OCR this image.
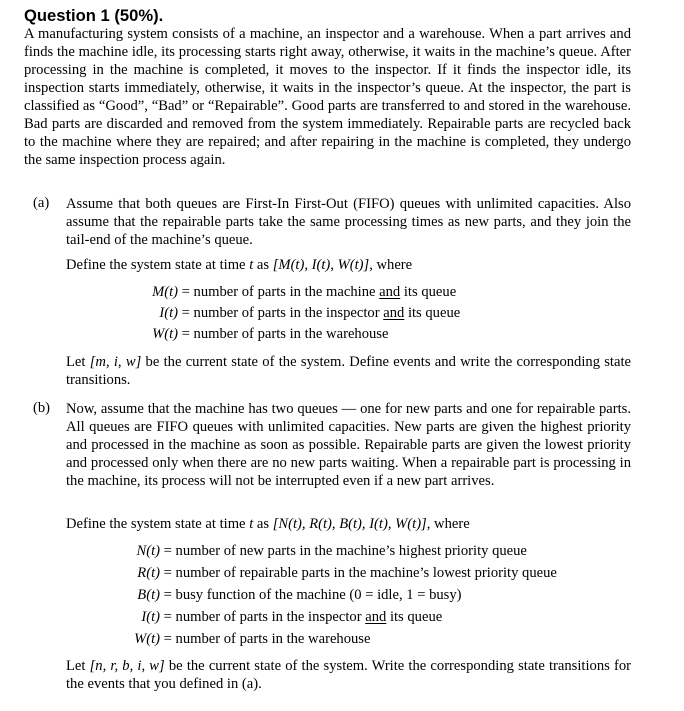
Question 1 (50%).

A manufacturing system consists of a machine, an inspector and a warehouse. When a part arrives and finds the machine idle, its processing starts right away, otherwise, it waits in the machine’s queue. After processing in the machine is completed, it moves to the inspector. If it finds the inspector idle, its inspection starts immediately, otherwise, it waits in the inspector’s queue. At the inspector, the part is classified as “Good”, “Bad” or “Repairable”. Good parts are transferred to and stored in the warehouse. Bad parts are discarded and removed from the system immediately. Repairable parts are recycled back to the machine where they are repaired; and after repairing in the machine is completed, they undergo the same inspection process again.

(a) Assume that both queues are First-In First-Out (FIFO) queues with unlimited capacities. Also assume that the repairable parts take the same processing times as new parts, and they join the tail-end of the machine’s queue.

Define the system state at time t as [M(t), I(t), W(t)], where
M(t) = number of parts in the machine and its queue
I(t) = number of parts in the inspector and its queue
W(t) = number of parts in the warehouse

Let [m, i, w] be the current state of the system. Define events and write the corresponding state transitions.

(b) Now, assume that the machine has two queues — one for new parts and one for repairable parts. All queues are FIFO queues with unlimited capacities. New parts are given the highest priority and processed in the machine as soon as possible. Repairable parts are given the lowest priority and processed only when there are no new parts waiting. When a repairable part is processing in the machine, its process will not be interrupted even if a new part arrives.

Define the system state at time t as [N(t), R(t), B(t), I(t), W(t)], where
N(t) = number of new parts in the machine’s highest priority queue
R(t) = number of repairable parts in the machine’s lowest priority queue
B(t) = busy function of the machine (0 = idle, 1 = busy)
I(t) = number of parts in the inspector and its queue
W(t) = number of parts in the warehouse

Let [n, r, b, i, w] be the current state of the system. Write the corresponding state transitions for the events that you defined in (a).
